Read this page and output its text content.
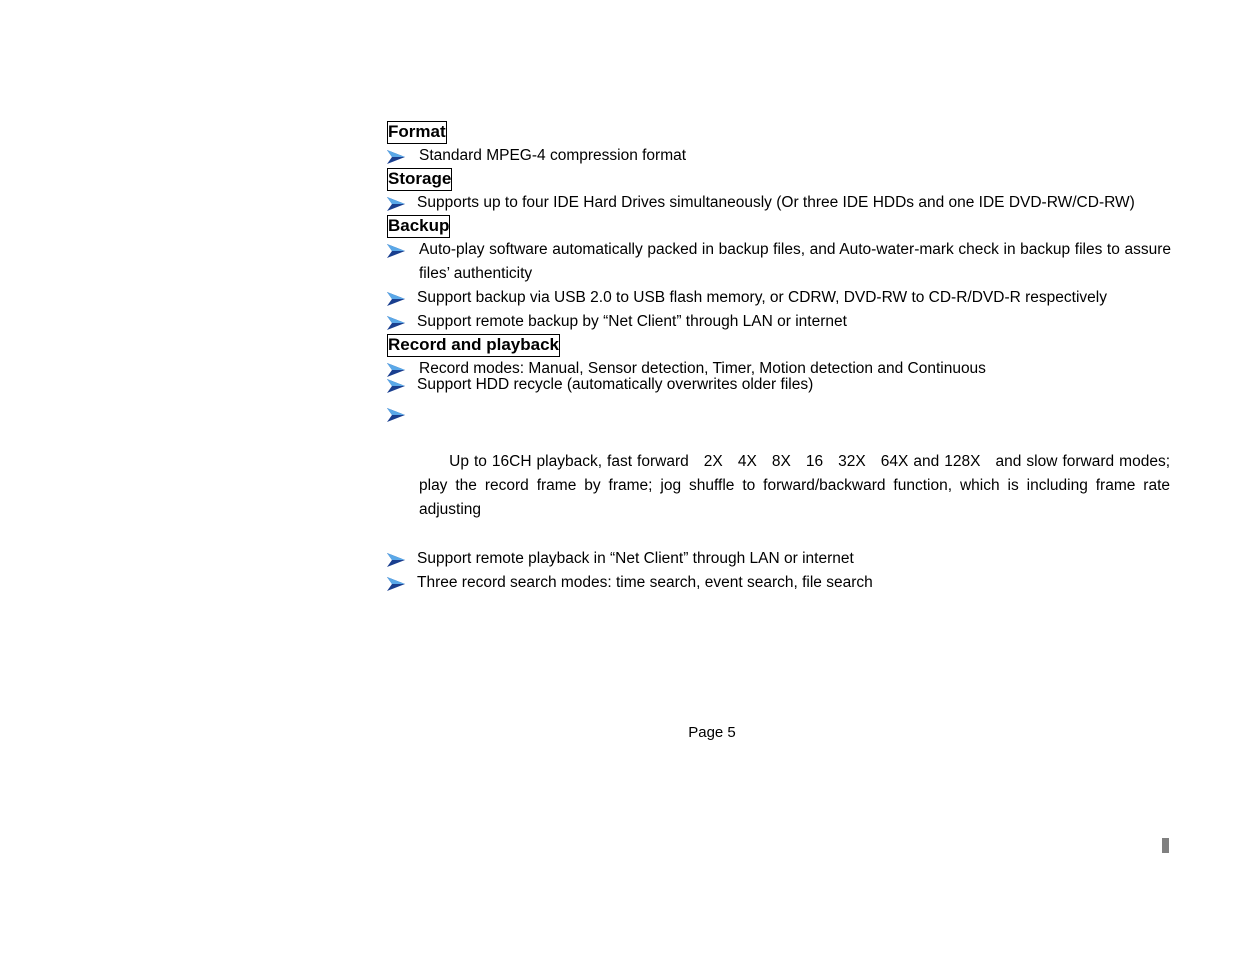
Format
Standard MPEG-4 compression format
Storage
Supports up to four IDE Hard Drives simultaneously (Or three IDE HDDs and one IDE DVD-RW/CD-RW)
Backup
Auto-play software automatically packed in backup files, and Auto-water-mark check in backup files to assure files’ authenticity
Support backup via USB 2.0 to USB flash memory, or CDRW, DVD-RW to CD-R/DVD-R respectively
Support remote backup by “Net Client” through LAN or internet
Record and playback
Record modes: Manual, Sensor detection, Timer, Motion detection and Continuous
Support HDD recycle (automatically overwrites older files)

Up to 16CH playback, fast forward   2X   4X   8X   16   32X   64X and 128X   and slow forward modes; play the record frame by frame; jog shuffle to forward/backward function, which is including frame rate adjusting

Support remote playback in “Net Client” through LAN or internet
Three record search modes: time search, event search, file search
Page 5
